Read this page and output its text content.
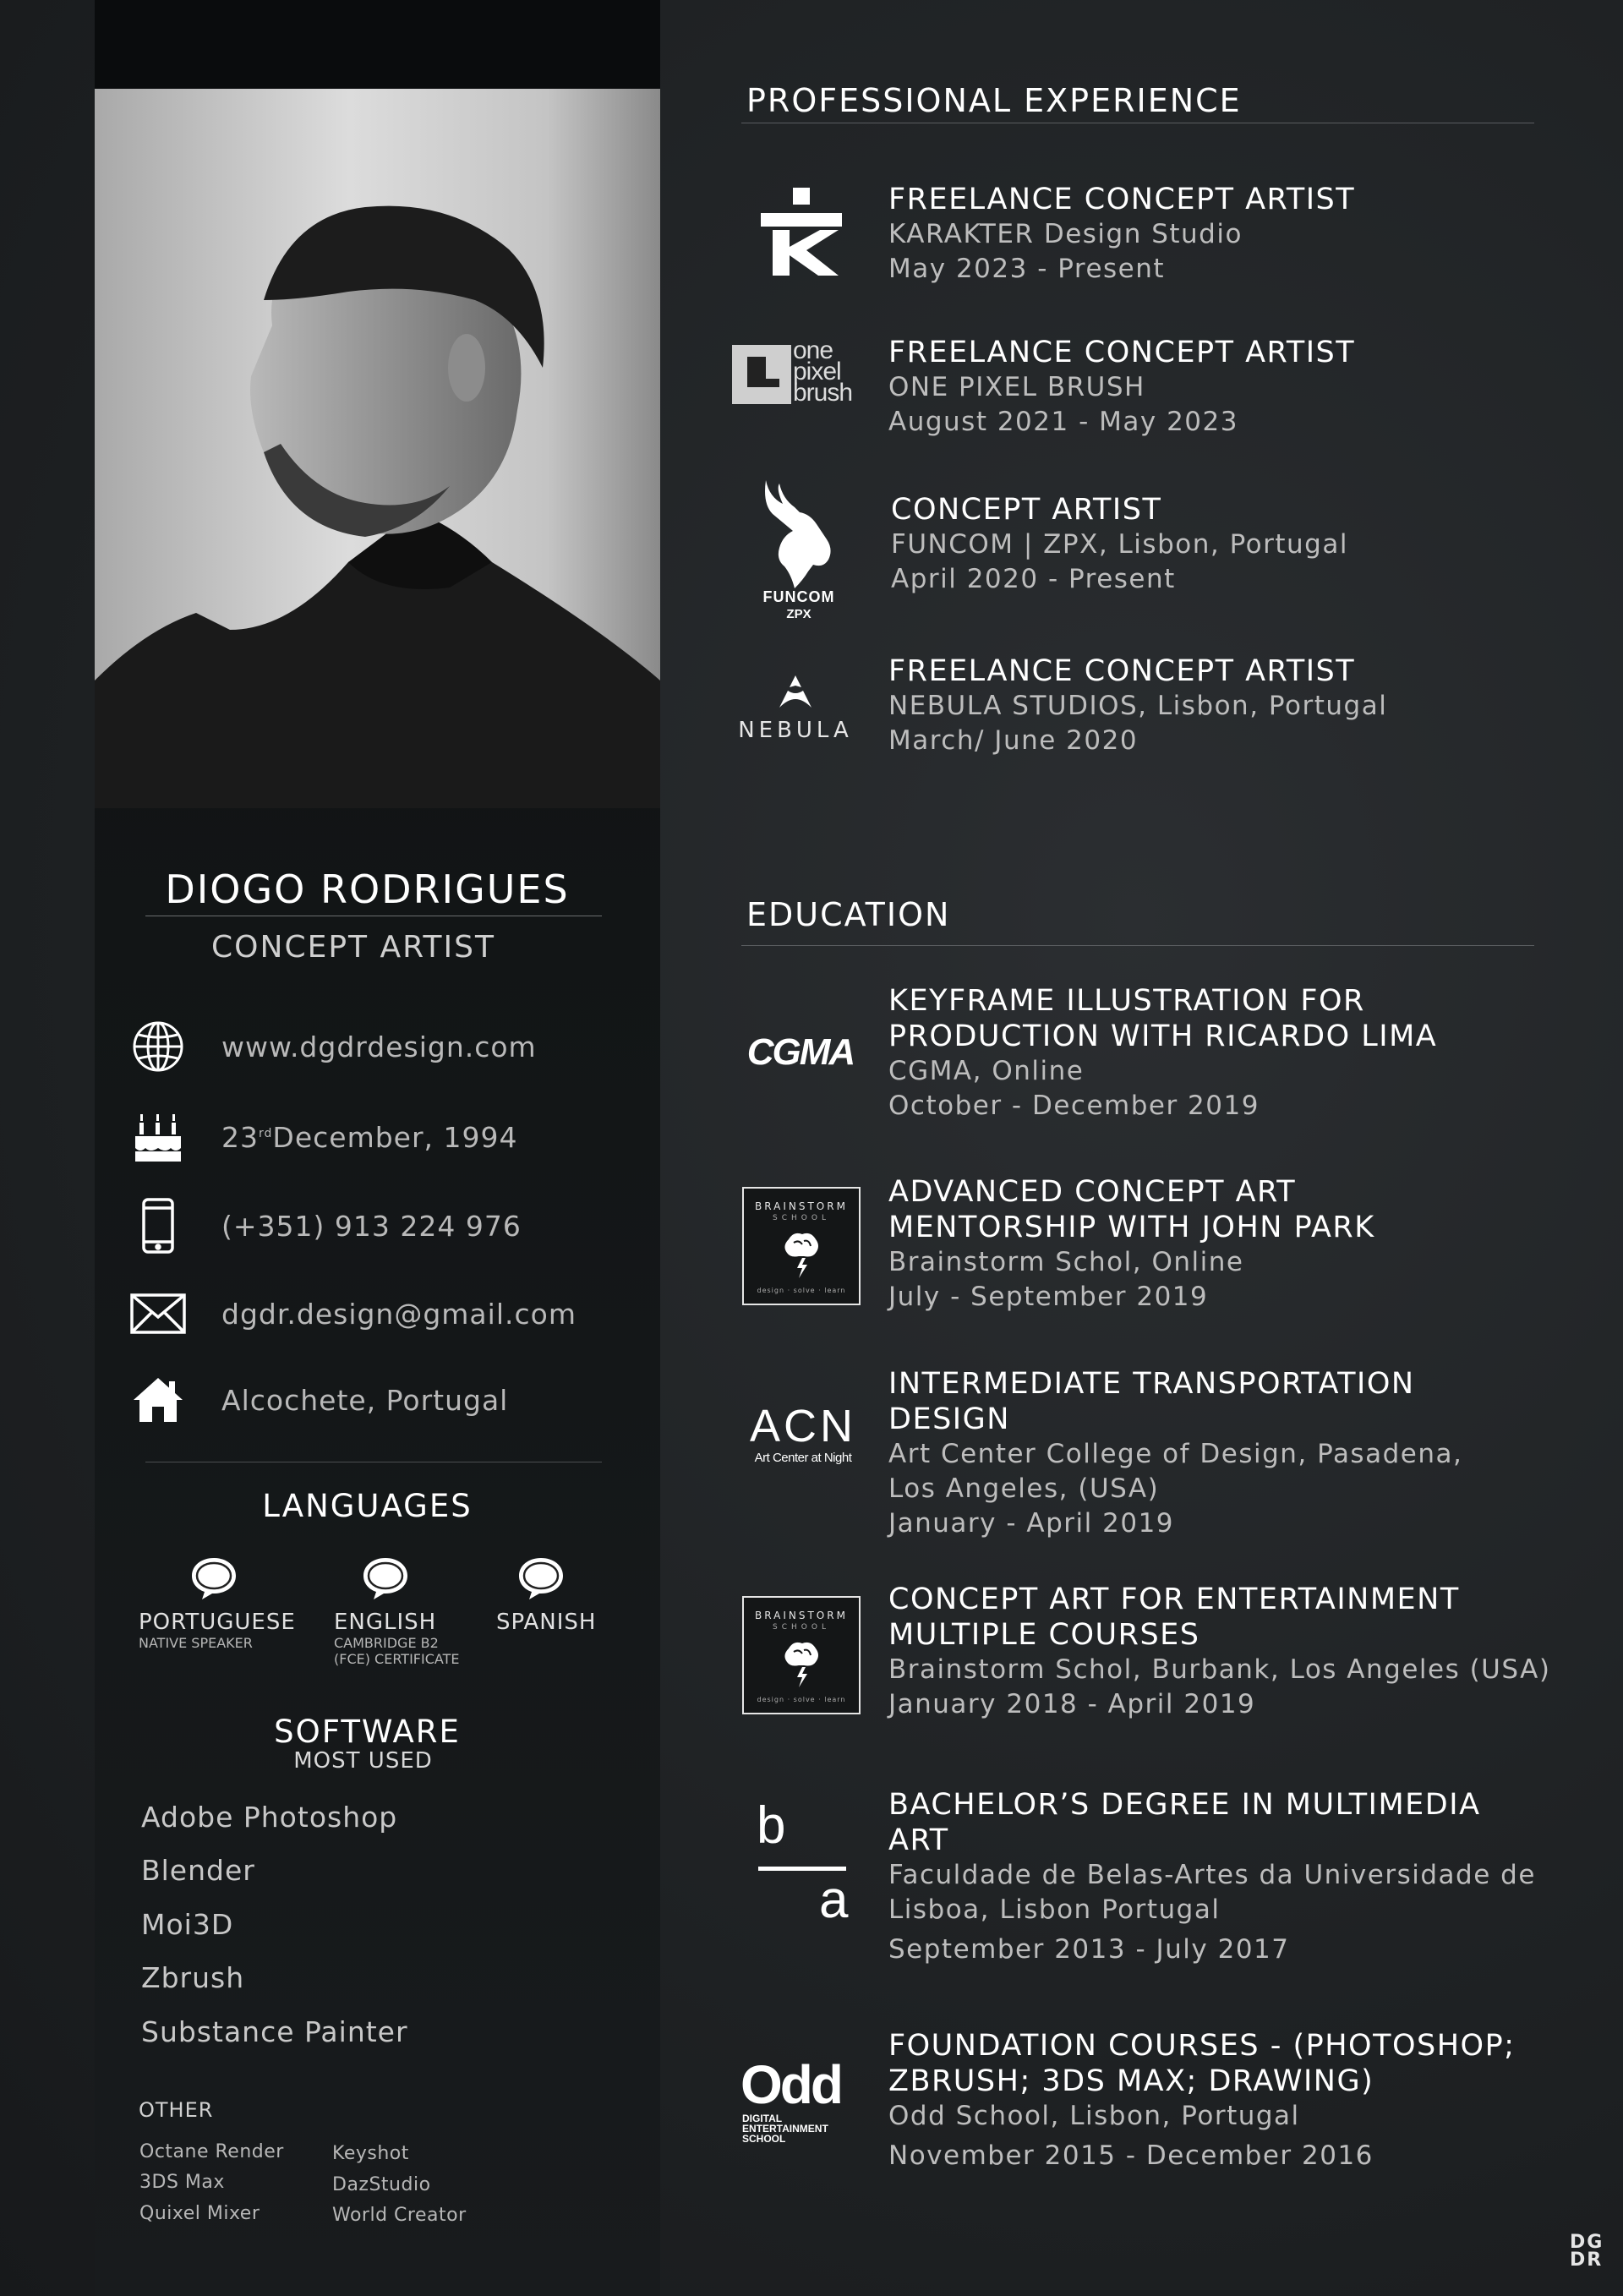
DIOGO RODRIGUES
CONCEPT ARTIST
www.dgdrdesign.com
23rdDecember, 1994
(+351) 913 224 976
dgdr.design@gmail.com
Alcochete, Portugal
LANGUAGES
PORTUGUESE
NATIVE SPEAKER
ENGLISH
CAMBRIDGE B2
(FCE) CERTIFICATE
SPANISH
SOFTWARE
MOST USED
Adobe Photoshop
Blender
Moi3D
Zbrush
Substance Painter
OTHER
Octane Render
3DS Max
Quixel Mixer
Keyshot
DazStudio
World Creator
PROFESSIONAL EXPERIENCE
FREELANCE CONCEPT ARTIST
KARAKTER Design Studio
May 2023 - Present
one
pixel
brush
FREELANCE CONCEPT ARTIST
ONE PIXEL BRUSH
August 2021 - May 2023
FUNCOM
ZPX
CONCEPT ARTIST
FUNCOM | ZPX, Lisbon, Portugal
April 2020 - Present
NEBULA
FREELANCE CONCEPT ARTIST
NEBULA STUDIOS, Lisbon, Portugal
March/ June 2020
EDUCATION
CGMA
KEYFRAME ILLUSTRATION FOR
PRODUCTION WITH RICARDO LIMA
CGMA, Online
October - December 2019
BRAINSTORM
SCHOOL
design · solve · learn
ADVANCED CONCEPT ART
MENTORSHIP WITH JOHN PARK
Brainstorm Schol, Online
July - September 2019
ACN
Art Center at Night
INTERMEDIATE TRANSPORTATION
DESIGN
Art Center College of Design, Pasadena,
Los Angeles, (USA)
January - April 2019
BRAINSTORM
SCHOOL
design · solve · learn
CONCEPT ART FOR ENTERTAINMENT
MULTIPLE COURSES
Brainstorm Schol, Burbank, Los Angeles (USA)
January 2018 - April 2019
b
a
BACHELOR’S DEGREE IN MULTIMEDIA
ART
Faculdade de Belas-Artes da Universidade de
Lisboa, Lisbon Portugal
September 2013 - July 2017
Odd
DIGITAL
ENTERTAINMENT
SCHOOL
FOUNDATION COURSES - (PHOTOSHOP;
ZBRUSH; 3DS MAX; DRAWING)
Odd School, Lisbon, Portugal
November 2015 - December 2016
DG
DR
